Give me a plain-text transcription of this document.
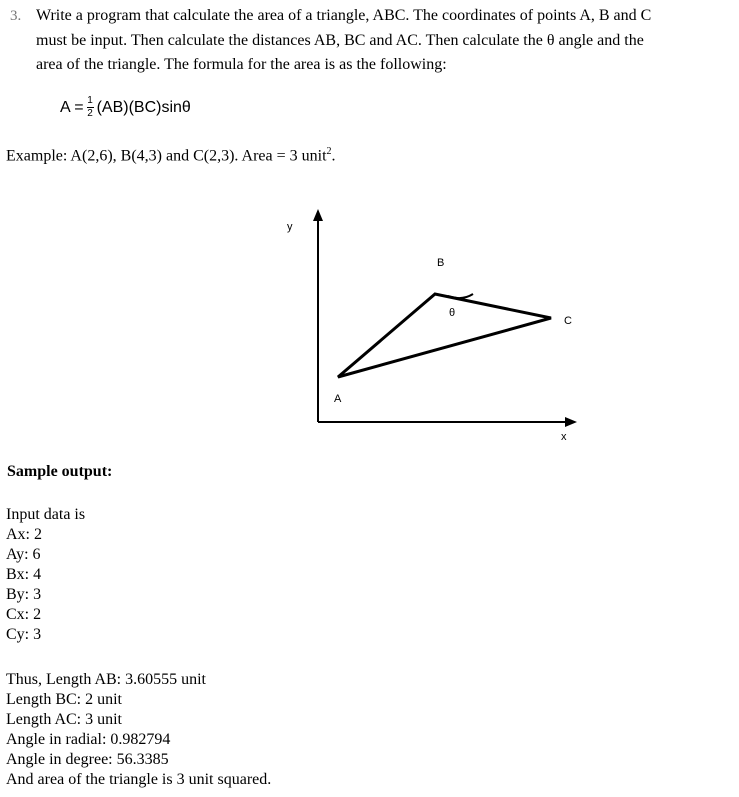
3. Write a program that calculate the area of a triangle, ABC. The coordinates of points A, B and C

must be input. Then calculate the distances AB, BC and AC. Then calculate the θ angle and the

area of the triangle. The formula for the area is as the following:

$A = \frac{1}{2} (AB)(BC)\sin\theta$

Example: A(2,6), B(4,3) and C(2,3). Area = 3 unit$^2$.

y
x
A
B
C
θ

Sample output:

Input data is
Ax: 2
Ay: 6
Bx: 4
By: 3
Cx: 2
Cy: 3
Thus, Length AB: 3.60555 unit
Length BC: 2 unit
Length AC: 3 unit
Angle in radial: 0.982794
Angle in degree: 56.3385
And area of the triangle is 3 unit squared.
